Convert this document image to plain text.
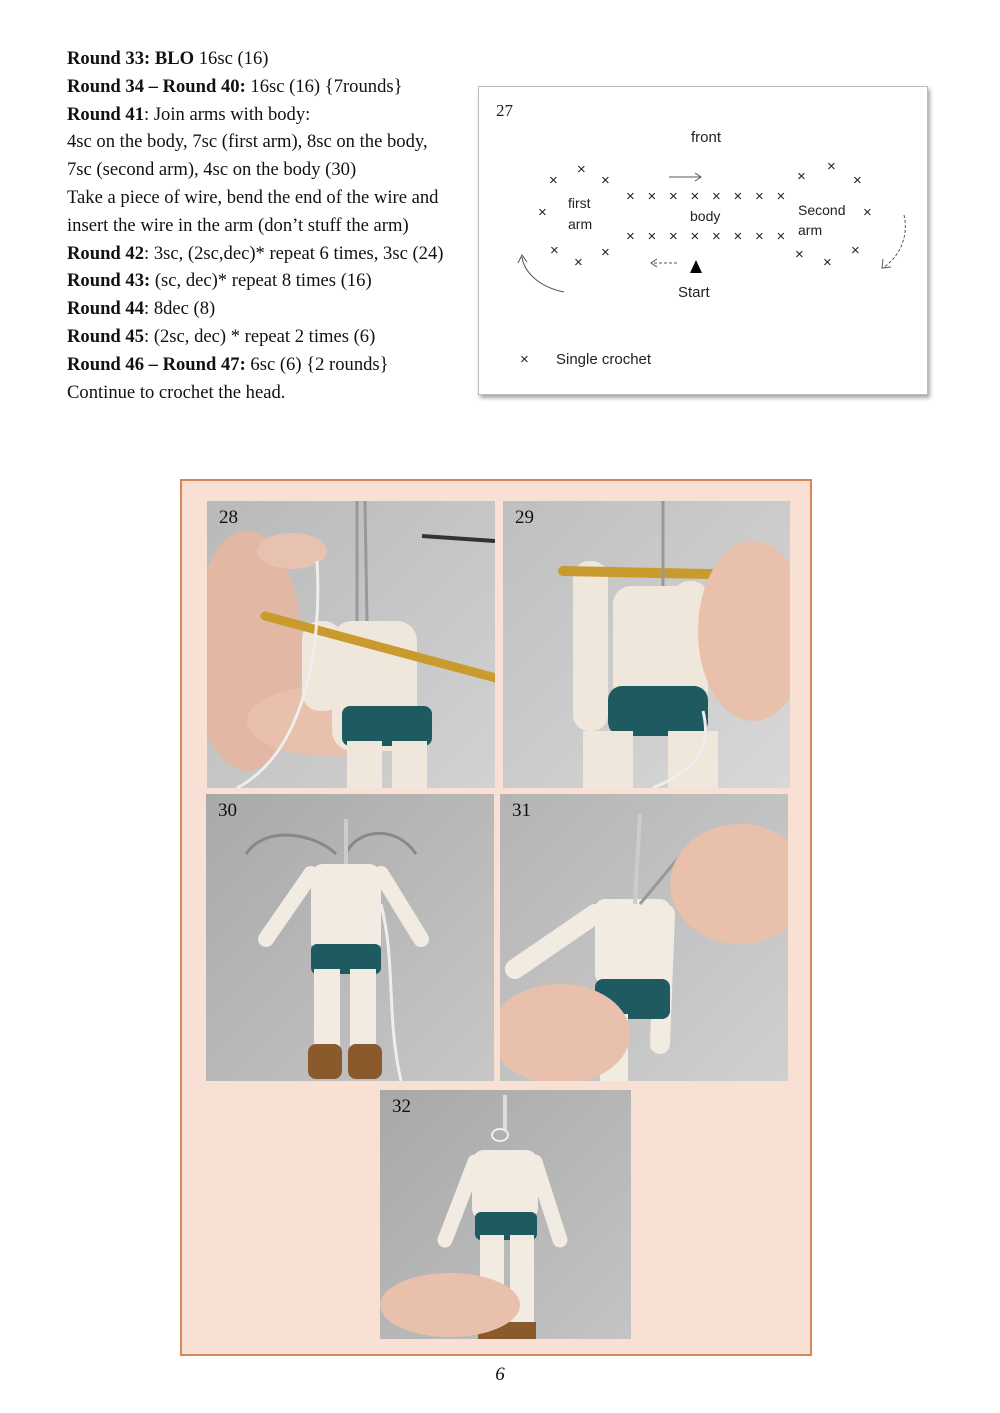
Round 33: BLO 16sc (16)

Round 34 – Round 40: 16sc (16) {7rounds}

Round 41: Join arms with body:

4sc on the body, 7sc (first arm), 8sc on the body, 7sc (second arm), 4sc on the body (30)

Take a piece of wire, bend the end of the wire and insert the wire in the arm (don’t stuff the arm)

Round 42: 3sc, (2sc,dec)* repeat 6 times, 3sc (24)

Round 43: (sc, dec)* repeat 8 times (16)

Round 44: 8dec (8)

Round 45: (2sc, dec) * repeat 2 times (6)

Round 46 – Round 47: 6sc (6) {2 rounds}

Continue to crochet the head.

27
front
first
arm	body	Second
arm
Start
×
×
×
×
×
×
×
×
×
×
×
× ×
×
× × × × × × × ×
× × × × × × × ×
× Single crochet
28	29
30	31
32
6
